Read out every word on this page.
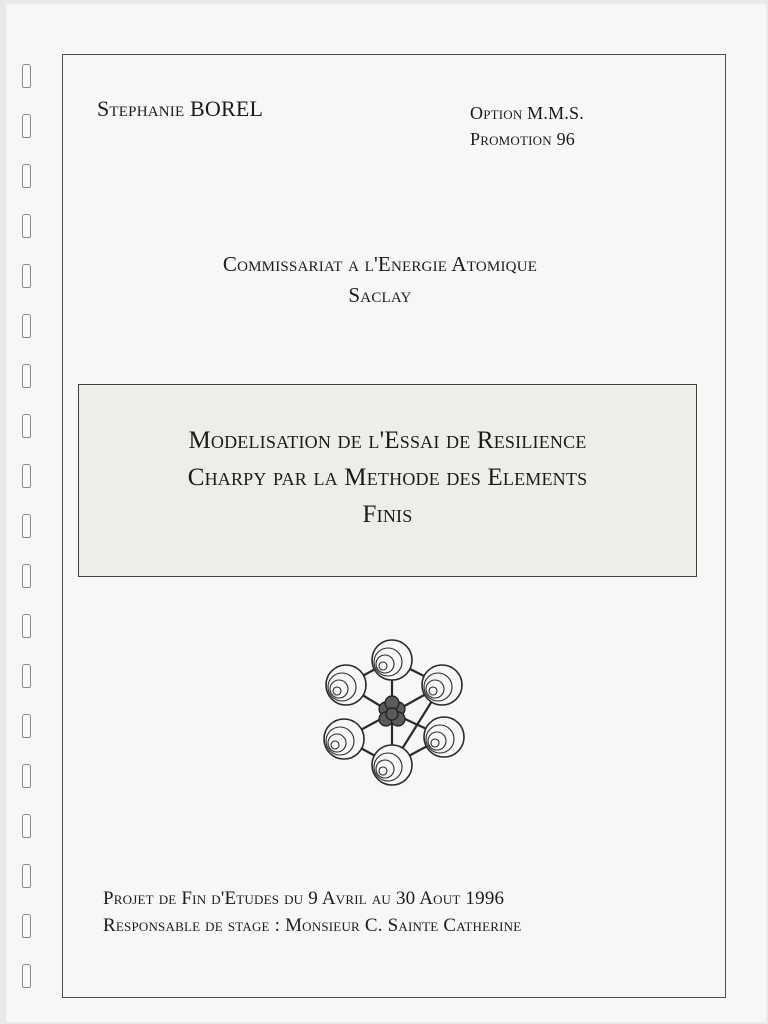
Stephanie BOREL	Option M.M.S.
Promotion 96
Commissariat a l'Energie Atomique
Saclay
Modelisation de l'Essai de Resilience
Charpy par la Methode des Elements
Finis
Projet de Fin d'Etudes du 9 Avril au 30 Aout 1996
Responsable de stage : Monsieur C. Sainte Catherine
